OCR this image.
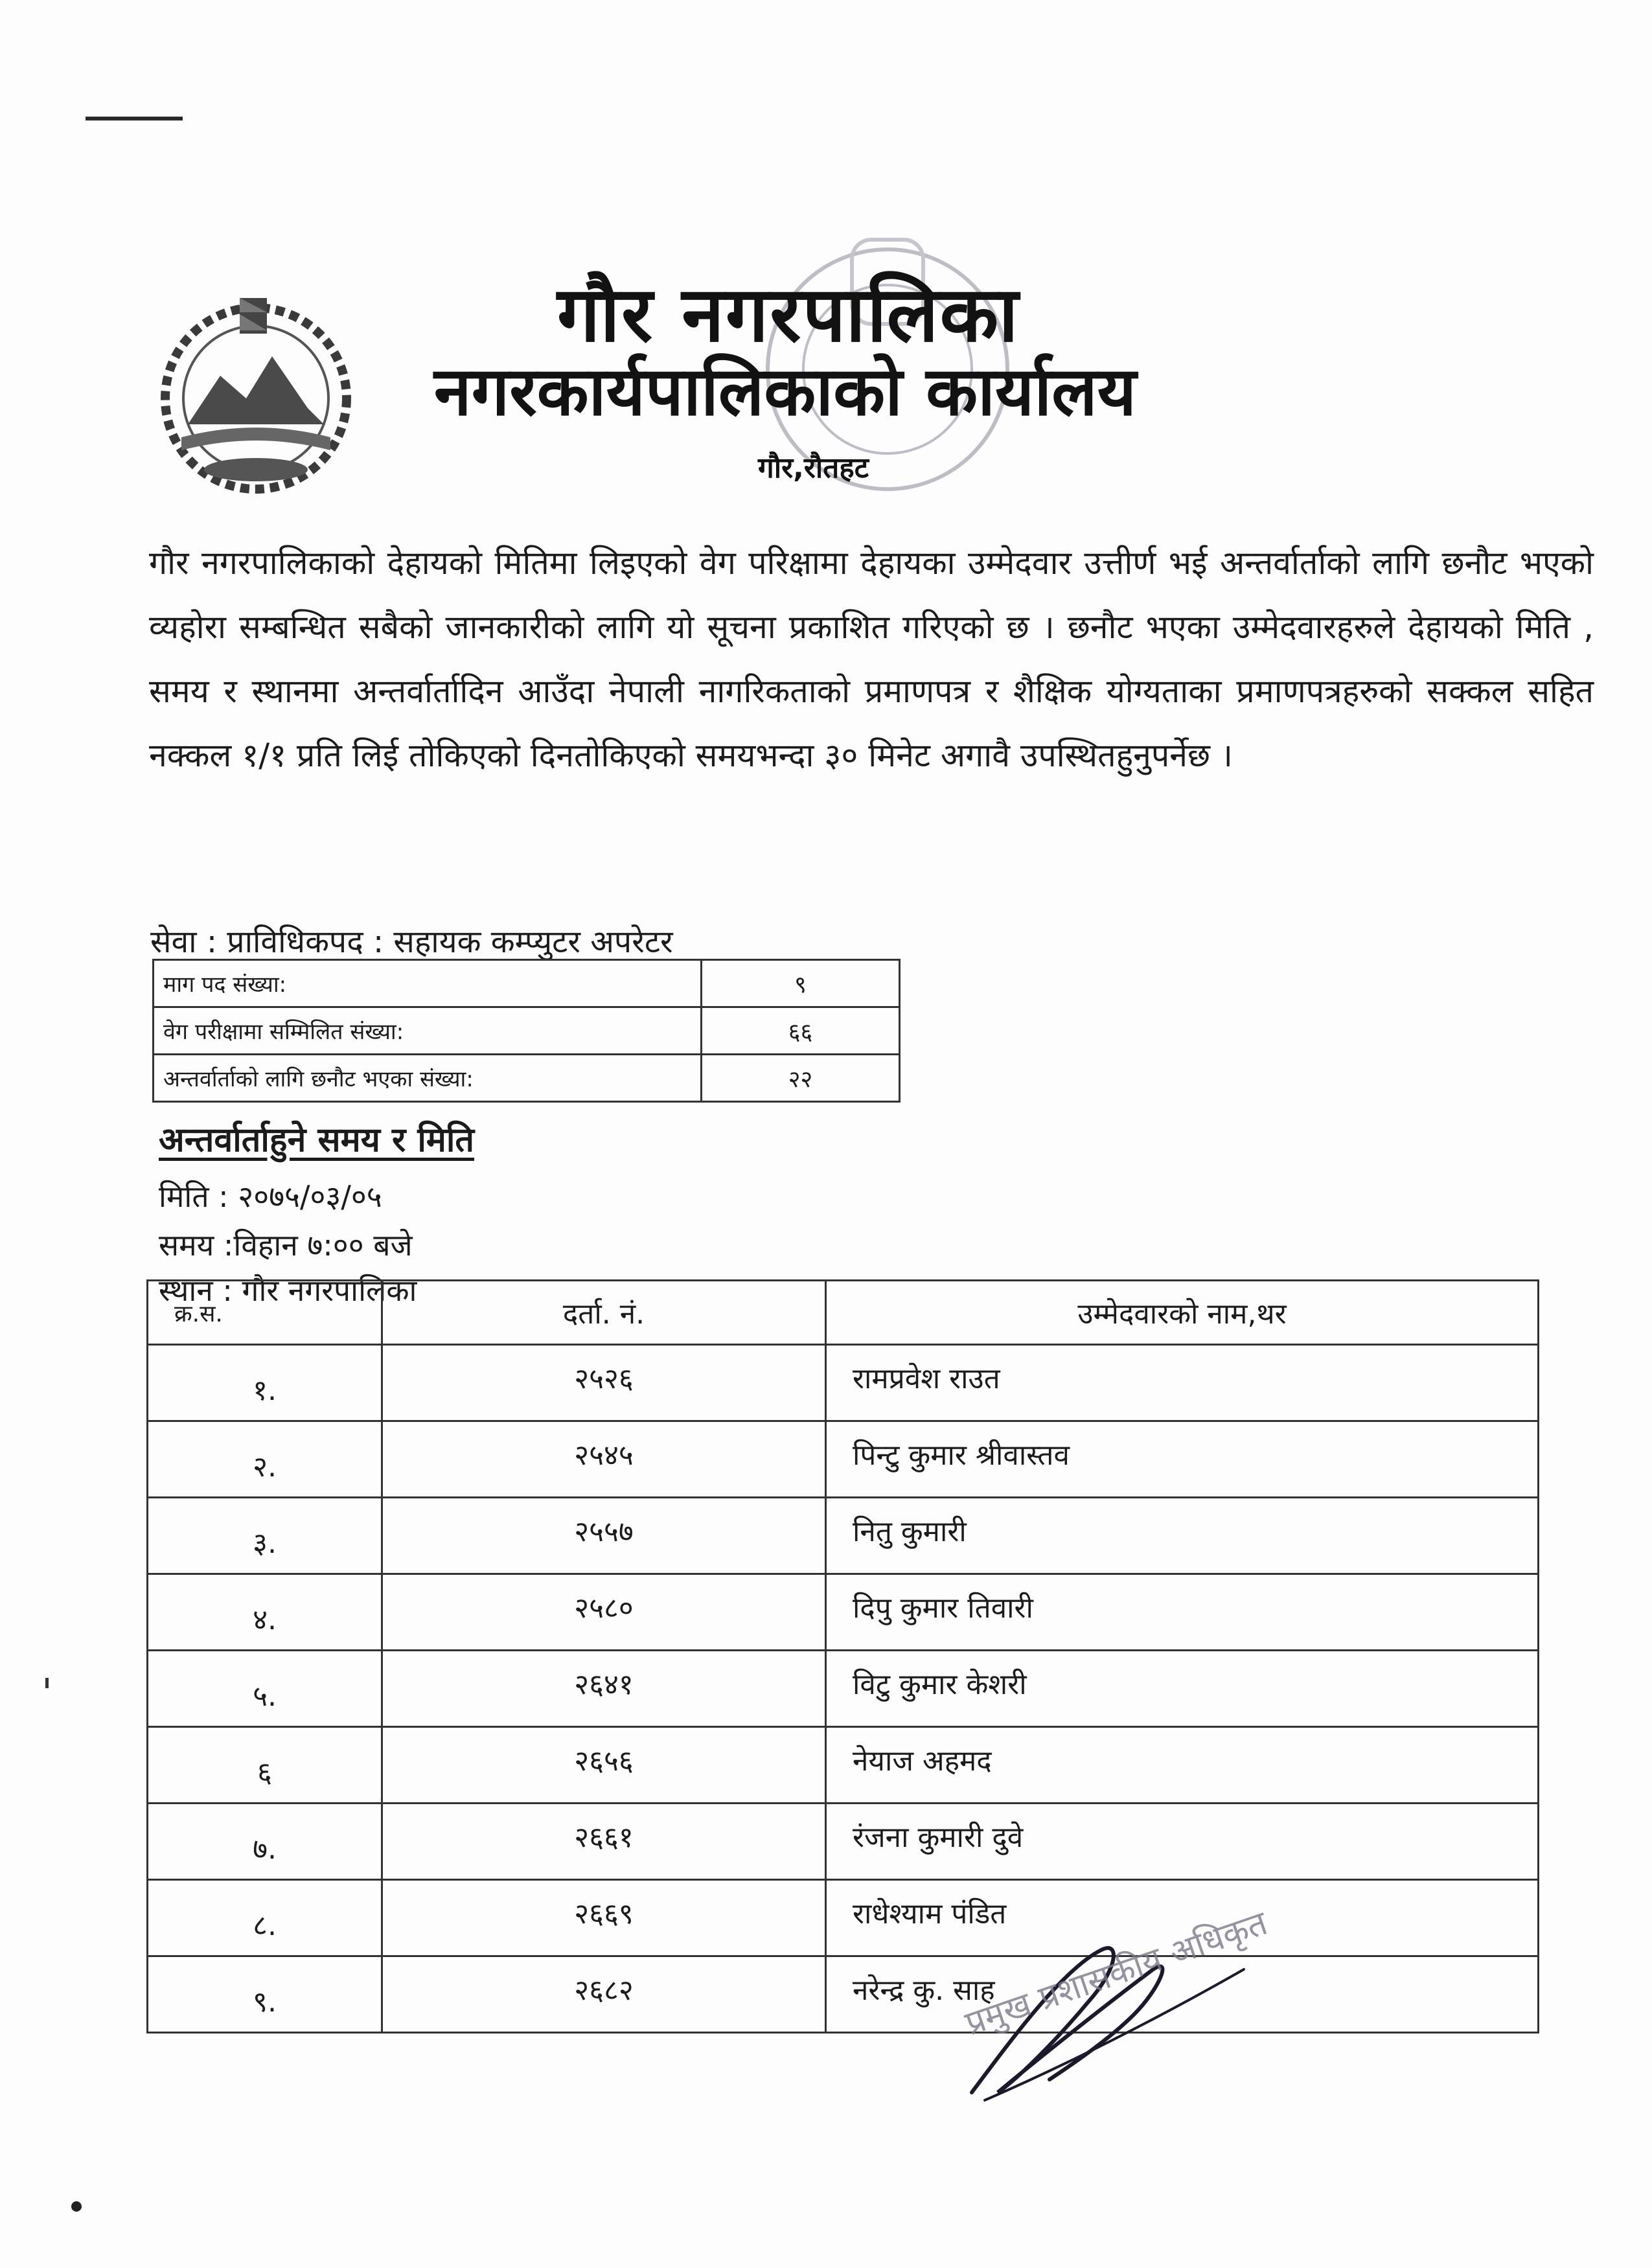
गौर नगरपालिका
नगरकार्यपालिकाको कार्यालय
गौर,रौतहट
गौर नगरपालिकाको देहायको मितिमा लिइएको वेग परिक्षामा देहायका उम्मेदवार उत्तीर्ण भई अन्तर्वार्ताको लागि छनौट भएको व्यहोरा सम्बन्धित सबैको जानकारीको लागि यो सूचना प्रकाशित गरिएको छ । छनौट भएका उम्मेदवारहरुले देहायको मिति , समय र स्थानमा अन्तर्वार्तादिन आउँदा नेपाली नागरिकताको प्रमाणपत्र र शैक्षिक योग्यताका प्रमाणपत्रहरुको सक्कल सहित नक्कल १/१ प्रति लिई तोकिएको दिनतोकिएको समयभन्दा ३० मिनेट अगावै उपस्थितहुनुपर्नेछ ।
सेवा : प्राविधिकपद : सहायक कम्प्युटर अपरेटर
माग पद संख्या:	९
वेग परीक्षामा सम्मिलित संख्या:	६६
अन्तर्वार्ताको लागि छनौट भएका संख्या:	२२
अन्तर्वार्ताहुने समय र मिति
मिति : २०७५/०३/०५
समय :विहान ७:०० बजे
स्थान : गौर नगरपालिका
क्र.स.	दर्ता. नं.	उम्मेदवारको नाम,थर
१.	२५२६	रामप्रवेश राउत
२.	२५४५	पिन्टु कुमार श्रीवास्तव
३.	२५५७	नितु कुमारी
४.	२५८०	दिपु कुमार तिवारी
५.	२६४१	विटु कुमार केशरी
६	२६५६	नेयाज अहमद
७.	२६६१	रंजना कुमारी दुवे
८.	२६६९	राधेश्याम पंडित
९.	२६८२	नरेन्द्र कु. साह
प्रमुख प्रशासकीय अधिकृत
